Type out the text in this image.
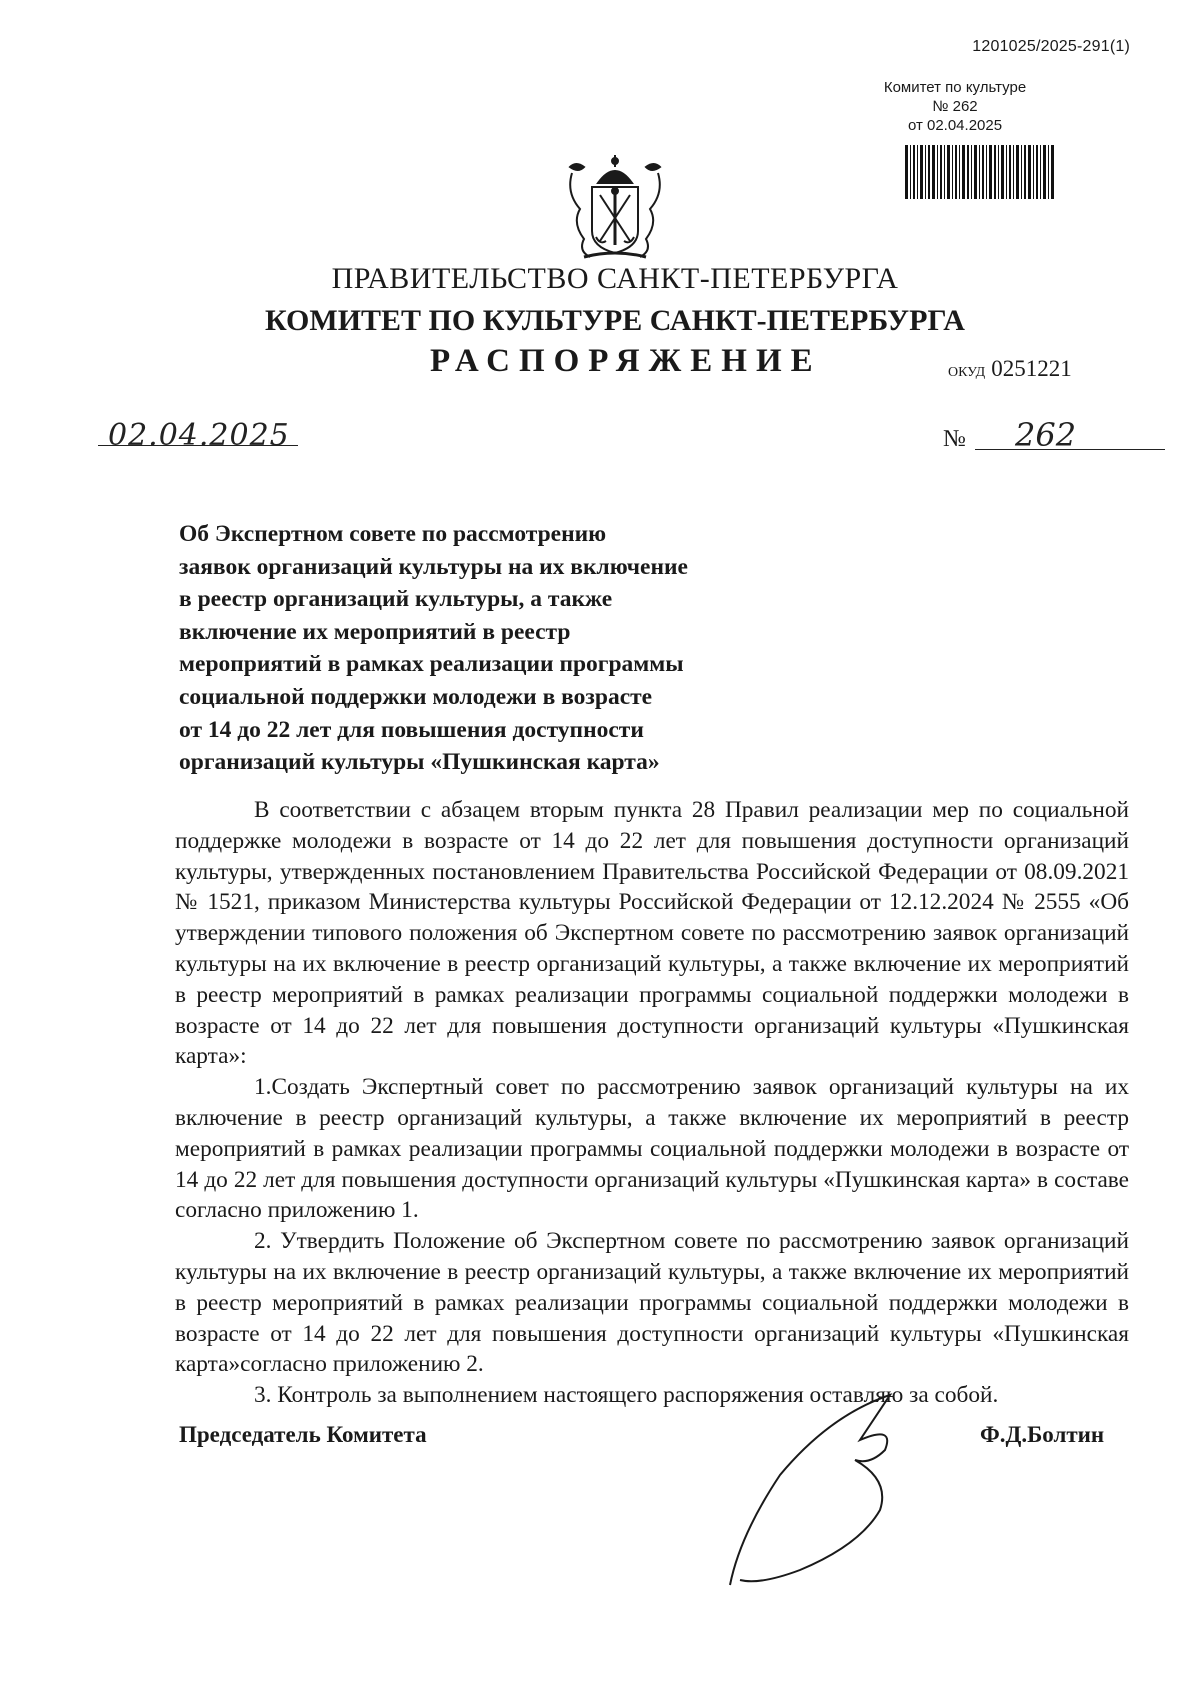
1201025/2025-291(1)
Комитет по культуре
№ 262
от 02.04.2025
ПРАВИТЕЛЬСТВО САНКТ-ПЕТЕРБУРГА
КОМИТЕТ ПО КУЛЬТУРЕ САНКТ-ПЕТЕРБУРГА
РАСПОРЯЖЕНИЕ	ОКУД 0251221
02.04.2025	№ 262
Об Экспертном совете по рассмотрению
заявок организаций культуры на их включение
в реестр организаций культуры, а также
включение их мероприятий в реестр
мероприятий в рамках реализации программы
социальной поддержки молодежи в возрасте
от 14 до 22 лет для повышения доступности
организаций культуры «Пушкинская карта»

В соответствии с абзацем вторым пункта 28 Правил реализации мер по социальной поддержке молодежи в возрасте от 14 до 22 лет для повышения доступности организаций культуры, утвержденных постановлением Правительства Российской Федерации от 08.09.2021 № 1521, приказом Министерства культуры Российской Федерации от 12.12.2024 № 2555 «Об утверждении типового положения об Экспертном совете по рассмотрению заявок организаций культуры на их включение в реестр организаций культуры, а также включение их мероприятий в реестр мероприятий в рамках реализации программы социальной поддержки молодежи в возрасте от 14 до 22 лет для повышения доступности организаций культуры «Пушкинская карта»:

1.Создать Экспертный совет по рассмотрению заявок организаций культуры на их включение в реестр организаций культуры, а также включение их мероприятий в реестр мероприятий в рамках реализации программы социальной поддержки молодежи в возрасте от 14 до 22 лет для повышения доступности организаций культуры «Пушкинская карта» в составе согласно приложению 1.

2. Утвердить Положение об Экспертном совете по рассмотрению заявок организаций культуры на их включение в реестр организаций культуры, а также включение их мероприятий в реестр мероприятий в рамках реализации программы социальной поддержки молодежи в возрасте от 14 до 22 лет для повышения доступности организаций культуры «Пушкинская карта»согласно приложению 2.

3. Контроль за выполнением настоящего распоряжения оставляю за собой.

Председатель Комитета	Ф.Д.Болтин
